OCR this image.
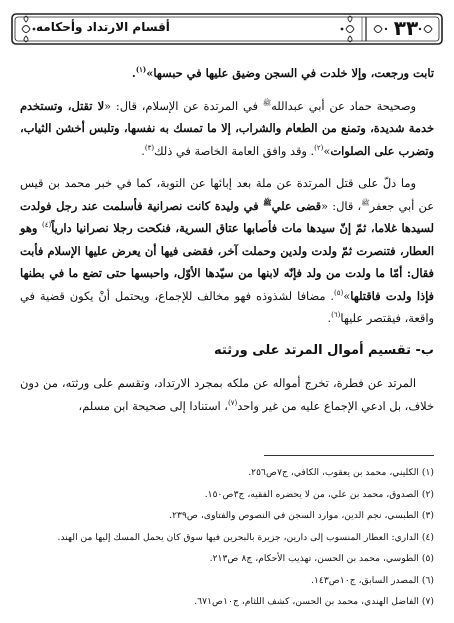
٣٣
أقسام الارتداد وأحكامه

تابت ورجعت، وإلا خلدت في السجن وضيق عليها في حبسها»$^{(١)}$.

وصحيحة حماد عن أبي عبدالله$^ﷺ$ في المرتدة عن الإسلام، قال: «لا تقتل، وتستخدم خدمة شديدة، وتمنع من الطعام والشراب، إلا ما تمسك به نفسها، وتلبس أخشن الثياب، وتضرب على الصلوات»$^{(٢)}$. وقد وافق العامة الخاصة في ذلك$^{(٣)}$.

وما دلّ على قتل المرتدة عن ملة بعد إبائها عن التوبة، كما في خبر محمد بن قيس عن أبي جعفر$^ﷺ$، قال: «قضى علي$^ﷺ$ في وليدة كانت نصرانية فأسلمت عند رجل فولدت لسيدها غلاما، ثمّ إنّ سيدها مات فأصابها عتاق السرية، فنكحت رجلا نصرانيا دارياً$^{(٤)}$ وهو العطار، فتنصرت ثمّ ولدت ولدين وحملت آخر، فقضى فيها أن يعرض عليها الإسلام فأبت فقال: أمّا ما ولدت من ولد فإنّه لابنها من سيّدها الأوّل، واحبسها حتى تضع ما في بطنها فإذا ولدت فاقتلها»$^{(٥)}$. مضافا لشذوذه فهو مخالف للإجماع، ويحتمل أنْ يكون قضية في واقعة، فيقتصر عليها$^{(٦)}$.

ب- تقسيم أموال المرتد على ورثته

المرتد عن فطرة، تخرج أمواله عن ملكه بمجرد الارتداد، وتقسم على ورثته، من دون خلاف، بل ادعي الإجماع عليه من غير واحد$^{(٧)}$، استنادا إلى صحيحة ابن مسلم،

(١) الكليني، محمد بن يعقوب، الكافي، ج٧ص٢٥٦.
(٢) الصدوق، محمد بن علي، من لا يحضره الفقيه، ج٣ص١٥٠.
(٣) الطبسي، نجم الدين، موارد السجن في النصوص والفتاوى، ص٢٣٩.
(٤) الداري: العطار المنسوب إلى دارين، جزيرة بالبحرين فيها سوق كان يحمل المسك إليها من الهند.
(٥) الطوسي، محمد بن الحسن، تهذيب الأحكام، ج٨ ص٢١٣.
(٦) المصدر السابق، ج١٠ص١٤٣.
(٧) الفاضل الهندي، محمد بن الحسن، كشف اللثام، ج١٠ص٦٧١.
